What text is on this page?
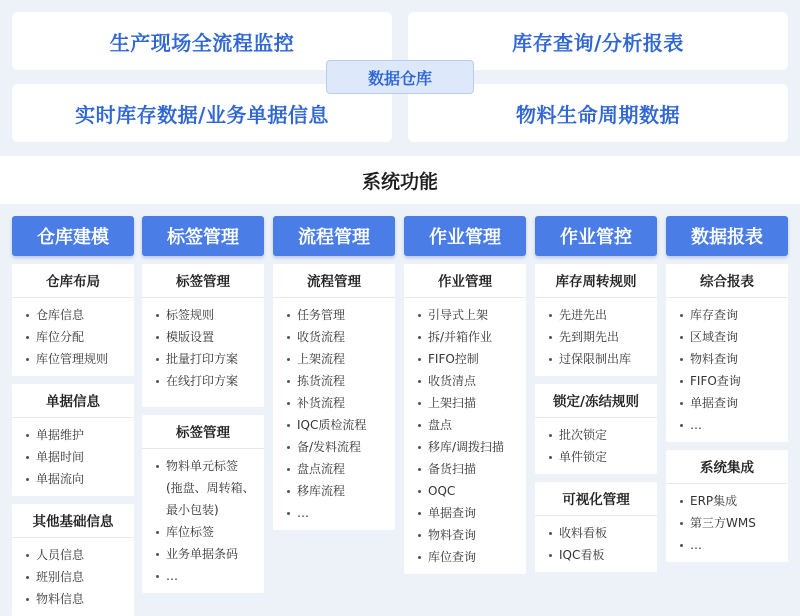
生产现场全流程监控	库存查询/分析报表
实时库存数据/业务单据信息	物料生命周期数据
数据仓库
系统功能
仓库建模
仓库布局
仓库信息
库位分配
库位管理规则
单据信息
单据维护
单据时间
单据流向
其他基础信息
人员信息
班别信息
物料信息
标签管理
标签管理
标签规则
模版设置
批量打印方案
在线打印方案
标签管理
物料单元标签
(拖盘、周转箱、
最小包装)
库位标签
业务单据条码
…
流程管理
流程管理
任务管理
收货流程
上架流程
拣货流程
补货流程
IQC质检流程
备/发料流程
盘点流程
移库流程
…
作业管理
作业管理
引导式上架
拆/并箱作业
FIFO控制
收货清点
上架扫描
盘点
移库/调拨扫描
备货扫描
OQC
单据查询
物料查询
库位查询
作业管控
库存周转规则
先进先出
先到期先出
过保限制出库
锁定/冻结规则
批次锁定
单件锁定
可视化管理
收料看板
IQC看板
数据报表
综合报表
库存查询
区域查询
物料查询
FIFO查询
单据查询
…
系统集成
ERP集成
第三方WMS
…
